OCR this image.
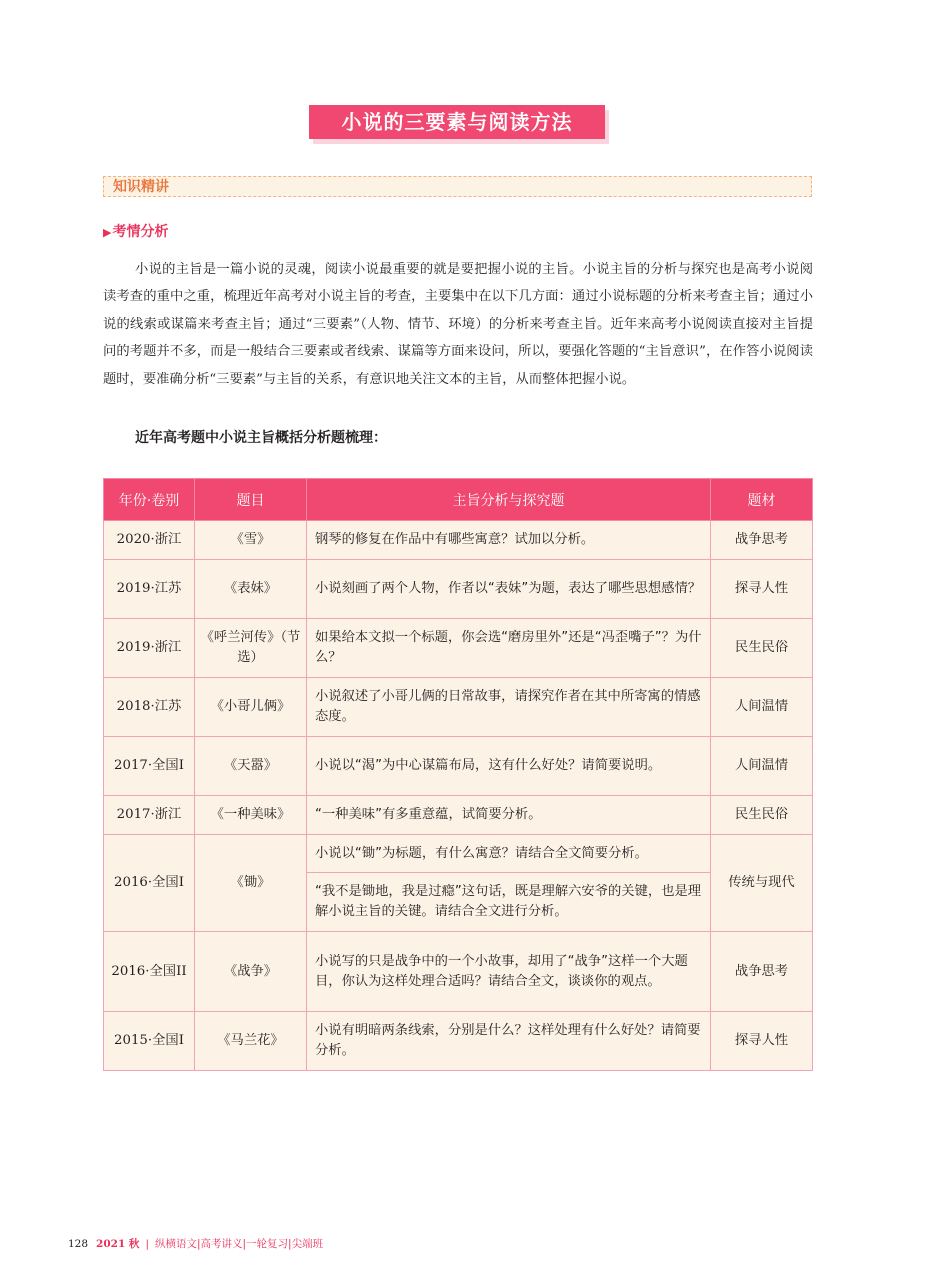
小说的三要素与阅读方法
知识精讲
▶考情分析
小说的主旨是一篇小说的灵魂，阅读小说最重要的就是要把握小说的主旨。小说主旨的分析与探究也是高考小说阅读考查的重中之重，梳理近年高考对小说主旨的考查，主要集中在以下几方面：通过小说标题的分析来考查主旨；通过小说的线索或谋篇来考查主旨；通过“三要素”（人物、情节、环境）的分析来考查主旨。近年来高考小说阅读直接对主旨提问的考题并不多，而是一般结合三要素或者线索、谋篇等方面来设问，所以，要强化答题的“主旨意识”，在作答小说阅读题时，要准确分析“三要素”与主旨的关系，有意识地关注文本的主旨，从而整体把握小说。
近年高考题中小说主旨概括分析题梳理：
年份·卷别	题目	主旨分析与探究题	题材
2020·浙江	《雪》	钢琴的修复在作品中有哪些寓意？试加以分析。	战争思考
2019·江苏	《表妹》	小说刻画了两个人物，作者以“表妹”为题，表达了哪些思想感情？	探寻人性
2019·浙江	《呼兰河传》（节选）	如果给本文拟一个标题，你会选“磨房里外”还是“冯歪嘴子”？为什么？	民生民俗
2018·江苏	《小哥儿俩》	小说叙述了小哥儿俩的日常故事，请探究作者在其中所寄寓的情感态度。	人间温情
2017·全国I	《天嚣》	小说以“渴”为中心谋篇布局，这有什么好处？请简要说明。	人间温情
2017·浙江	《一种美味》	“一种美味”有多重意蕴，试简要分析。	民生民俗
2016·全国I	《锄》	小说以“锄”为标题，有什么寓意？请结合全文简要分析。	传统与现代
		“我不是锄地，我是过瘾”这句话，既是理解六安爷的关键，也是理解小说主旨的关键。请结合全文进行分析。	
2016·全国II	《战争》	小说写的只是战争中的一个小故事，却用了“战争”这样一个大题目，你认为这样处理合适吗？请结合全文，谈谈你的观点。	战争思考
2015·全国I	《马兰花》	小说有明暗两条线索，分别是什么？这样处理有什么好处？请简要分析。	探寻人性
128 2021 秋 | 纵横语文|高考讲义|一轮复习|尖端班
